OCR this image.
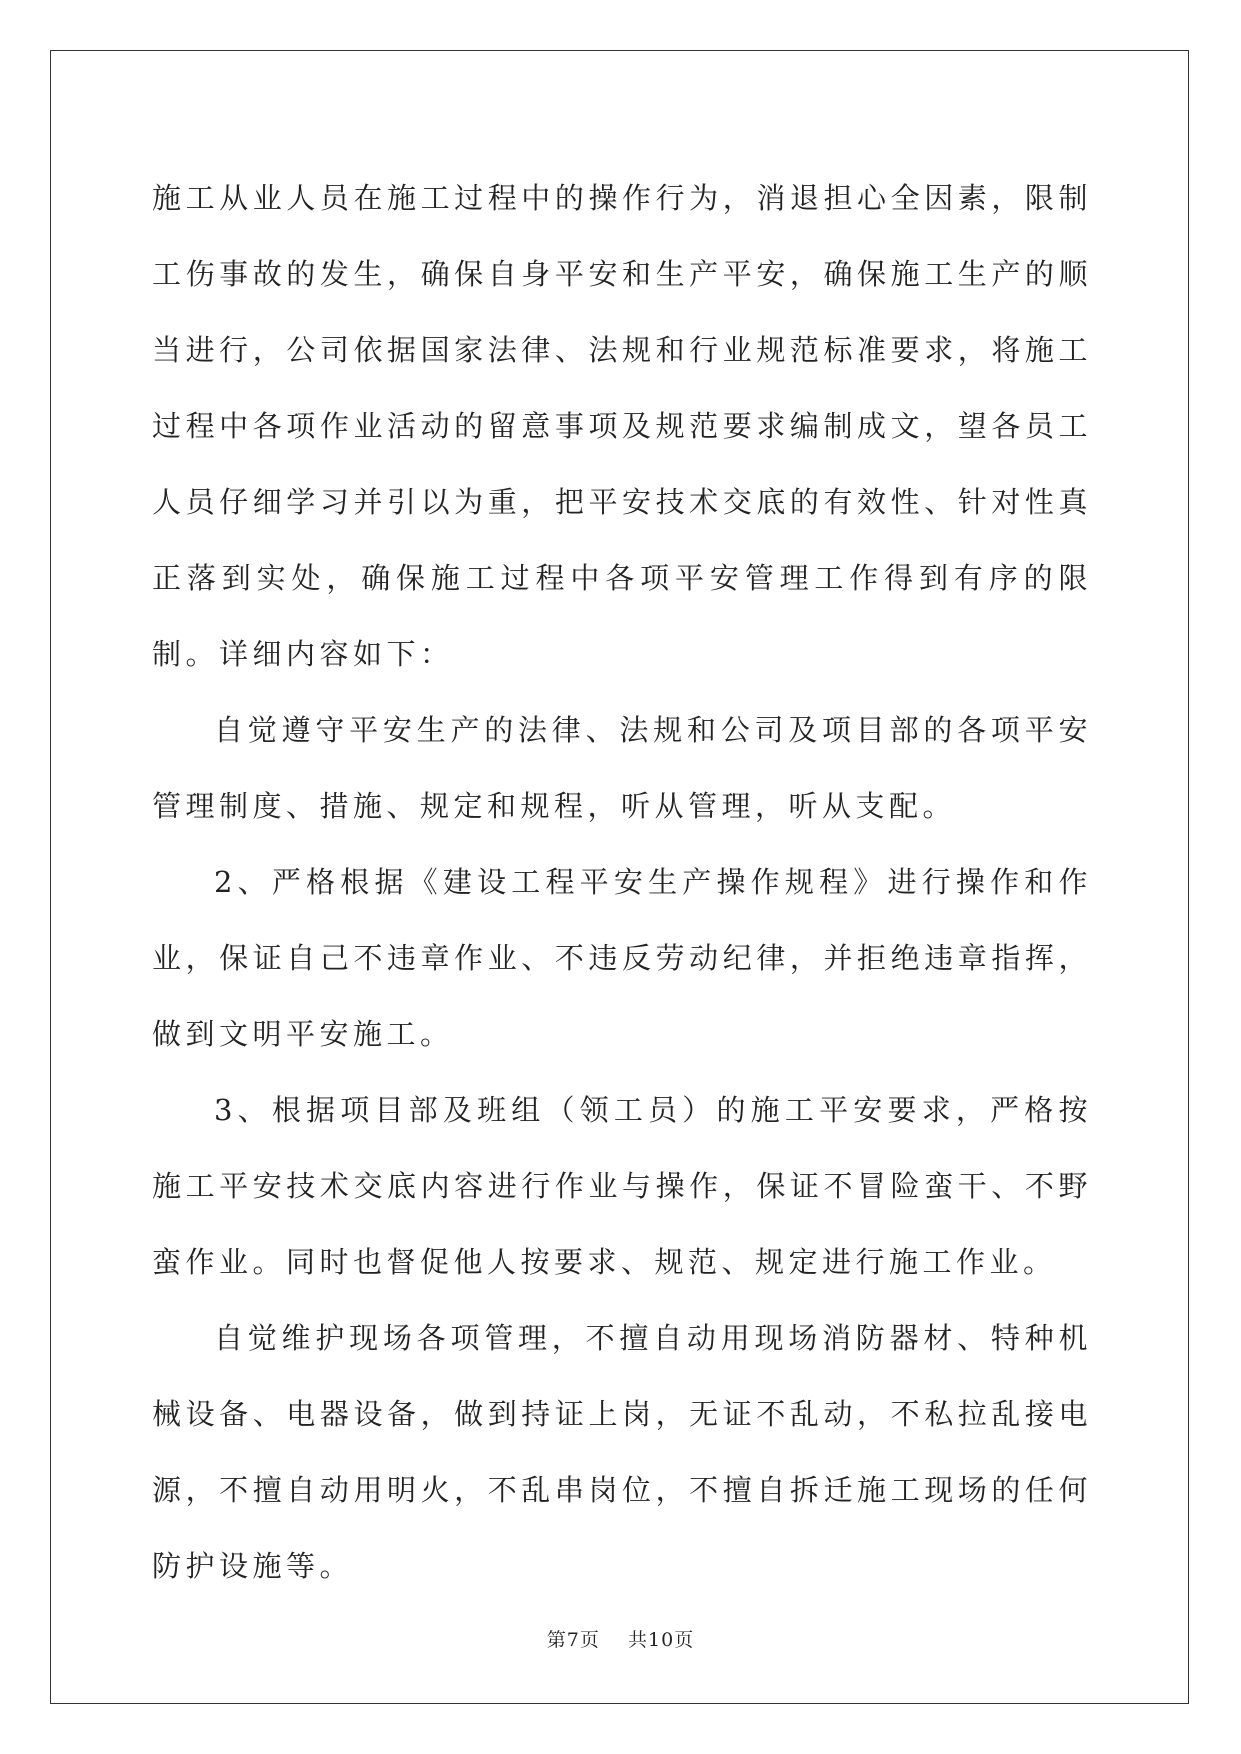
施工从业人员在施工过程中的操作行为，消退担心全因素，限制工伤事故的发生，确保自身平安和生产平安，确保施工生产的顺当进行，公司依据国家法律、法规和行业规范标准要求，将施工过程中各项作业活动的留意事项及规范要求编制成文，望各员工人员仔细学习并引以为重，把平安技术交底的有效性、针对性真正落到实处，确保施工过程中各项平安管理工作得到有序的限制。详细内容如下：

自觉遵守平安生产的法律、法规和公司及项目部的各项平安管理制度、措施、规定和规程，听从管理，听从支配。

2、严格根据《建设工程平安生产操作规程》进行操作和作业，保证自己不违章作业、不违反劳动纪律，并拒绝违章指挥，做到文明平安施工。

3、根据项目部及班组（领工员）的施工平安要求，严格按施工平安技术交底内容进行作业与操作，保证不冒险蛮干、不野蛮作业。同时也督促他人按要求、规范、规定进行施工作业。

自觉维护现场各项管理，不擅自动用现场消防器材、特种机械设备、电器设备，做到持证上岗，无证不乱动，不私拉乱接电源，不擅自动用明火，不乱串岗位，不擅自拆迁施工现场的任何防护设施等。

第7页 共10页
